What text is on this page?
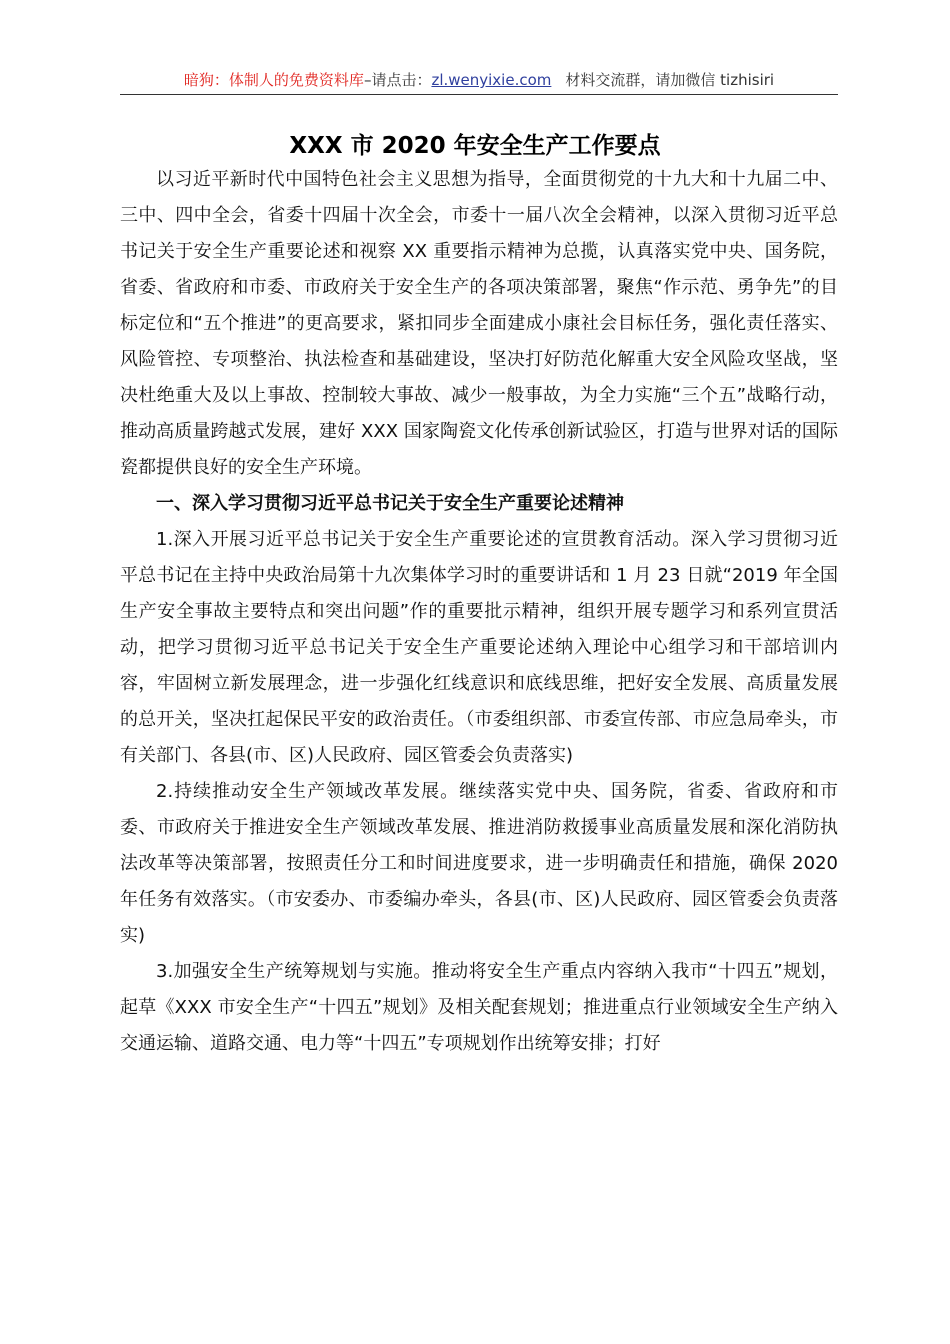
暗狗：体制人的免费资料库–请点击：zl.wenyixie.com 材料交流群，请加微信 tizhisiri
XXX 市 2020 年安全生产工作要点

以习近平新时代中国特色社会主义思想为指导，全面贯彻党的十九大和十九届二中、三中、四中全会，省委十四届十次全会，市委十一届八次全会精神，以深入贯彻习近平总书记关于安全生产重要论述和视察 XX 重要指示精神为总揽，认真落实党中央、国务院，省委、省政府和市委、市政府关于安全生产的各项决策部署，聚焦“作示范、勇争先”的目标定位和“五个推进”的更高要求，紧扣同步全面建成小康社会目标任务，强化责任落实、风险管控、专项整治、执法检查和基础建设，坚决打好防范化解重大安全风险攻坚战，坚决杜绝重大及以上事故、控制较大事故、减少一般事故，为全力实施“三个五”战略行动，推动高质量跨越式发展，建好 XXX 国家陶瓷文化传承创新试验区，打造与世界对话的国际瓷都提供良好的安全生产环境。

一、深入学习贯彻习近平总书记关于安全生产重要论述精神

1.深入开展习近平总书记关于安全生产重要论述的宣贯教育活动。深入学习贯彻习近平总书记在主持中央政治局第十九次集体学习时的重要讲话和 1 月 23 日就“2019 年全国生产安全事故主要特点和突出问题”作的重要批示精神，组织开展专题学习和系列宣贯活动，把学习贯彻习近平总书记关于安全生产重要论述纳入理论中心组学习和干部培训内容，牢固树立新发展理念，进一步强化红线意识和底线思维，把好安全发展、高质量发展的总开关，坚决扛起保民平安的政治责任。（市委组织部、市委宣传部、市应急局牵头，市有关部门、各县(市、区)人民政府、园区管委会负责落实)

2.持续推动安全生产领域改革发展。继续落实党中央、国务院，省委、省政府和市委、市政府关于推进安全生产领域改革发展、推进消防救援事业高质量发展和深化消防执法改革等决策部署，按照责任分工和时间进度要求，进一步明确责任和措施，确保 2020 年任务有效落实。（市安委办、市委编办牵头，各县(市、区)人民政府、园区管委会负责落实)

3.加强安全生产统筹规划与实施。推动将安全生产重点内容纳入我市“十四五”规划，起草《XXX 市安全生产“十四五”规划》及相关配套规划；推进重点行业领域安全生产纳入交通运输、道路交通、电力等“十四五”专项规划作出统筹安排；打好
